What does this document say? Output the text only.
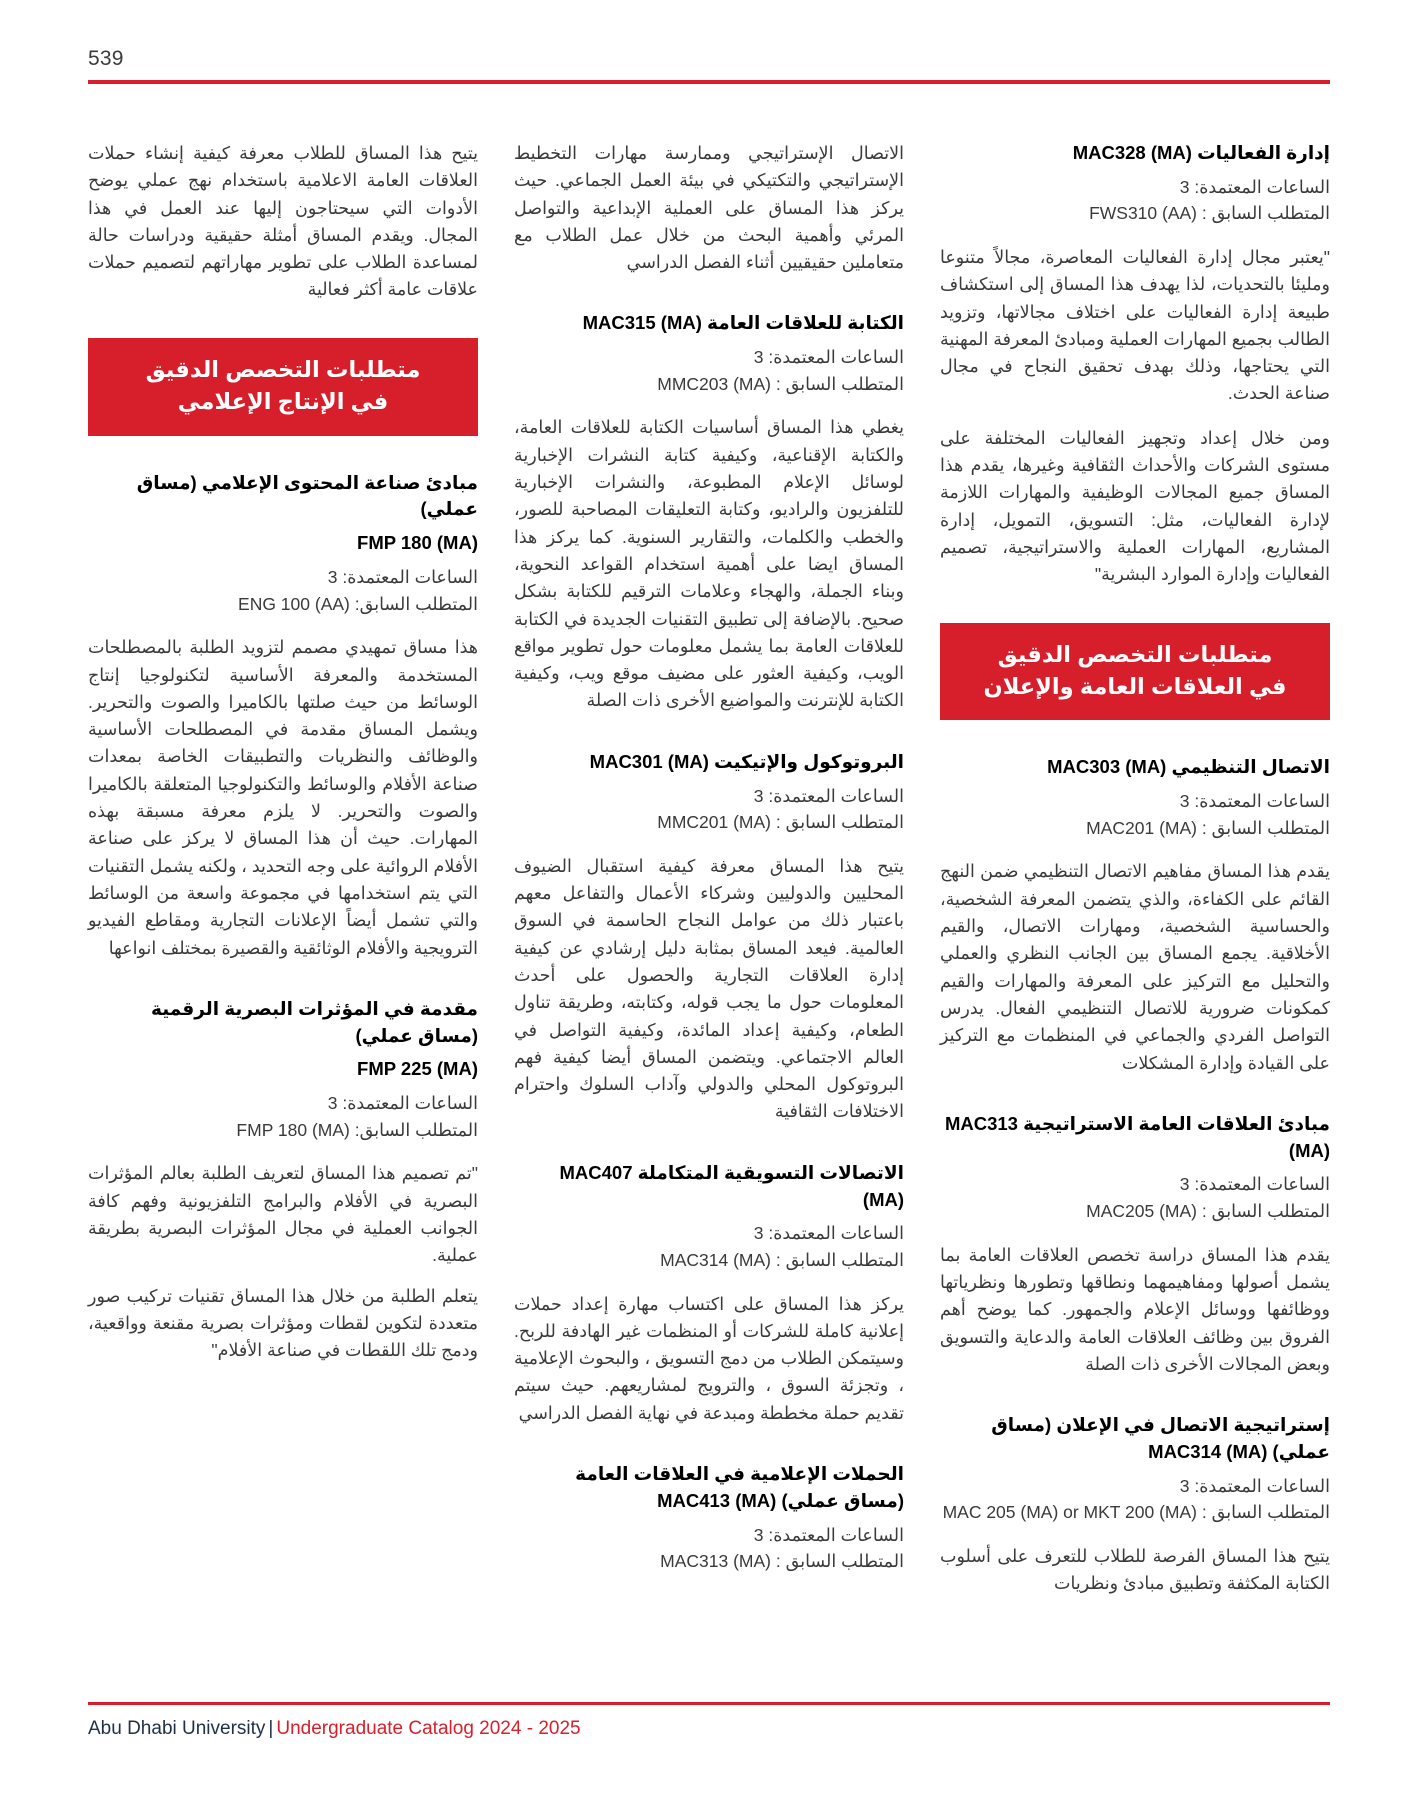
539
إدارة الفعاليات MAC328 (MA)
الساعات المعتمدة: 3
المتطلب السابق : FWS310 (AA)
"يعتبر مجال إدارة الفعاليات المعاصرة، مجالاً متنوعا ومليئا بالتحديات، لذا يهدف هذا المساق إلى استكشاف طبيعة إدارة الفعاليات على اختلاف مجالاتها، وتزويد الطالب بجميع المهارات العملية ومبادئ المعرفة المهنية التي يحتاجها، وذلك بهدف تحقيق النجاح في مجال صناعة الحدث.
ومن خلال إعداد وتجهيز الفعاليات المختلفة على مستوى الشركات والأحداث الثقافية وغيرها، يقدم هذا المساق جميع المجالات الوظيفية والمهارات اللازمة لإدارة الفعاليات، مثل: التسويق، التمويل، إدارة المشاريع، المهارات العملية والاستراتيجية، تصميم الفعاليات وإدارة الموارد البشرية"
متطلبات التخصص الدقيق
في العلاقات العامة والإعلان
الاتصال التنظيمي MAC303 (MA)
الساعات المعتمدة: 3
المتطلب السابق : MAC201 (MA)
يقدم هذا المساق مفاهيم الاتصال التنظيمي ضمن النهج القائم على الكفاءة، والذي يتضمن المعرفة الشخصية، والحساسية الشخصية، ومهارات الاتصال، والقيم الأخلاقية. يجمع المساق بين الجانب النظري والعملي والتحليل مع التركيز على المعرفة والمهارات والقيم كمكونات ضرورية للاتصال التنظيمي الفعال. يدرس التواصل الفردي والجماعي في المنظمات مع التركيز على القيادة وإدارة المشكلات
مبادئ العلاقات العامة الاستراتيجية MAC313 (MA)
الساعات المعتمدة: 3
المتطلب السابق : MAC205 (MA)
يقدم هذا المساق دراسة تخصص العلاقات العامة بما يشمل أصولها ومفاهيمهما ونطاقها وتطورها ونظرياتها ووظائفها ووسائل الإعلام والجمهور. كما يوضح أهم الفروق بين وظائف العلاقات العامة والدعاية والتسويق وبعض المجالات الأخرى ذات الصلة
إستراتيجية الاتصال في الإعلان (مساق عملي) MAC314 (MA)
الساعات المعتمدة: 3
المتطلب السابق : MAC 205 (MA) or MKT 200 (MA)
يتيح هذا المساق الفرصة للطلاب للتعرف على أسلوب الكتابة المكثفة وتطبيق مبادئ ونظريات
الاتصال الإستراتيجي وممارسة مهارات التخطيط الإستراتيجي والتكتيكي في بيئة العمل الجماعي. حيث يركز هذا المساق على العملية الإبداعية والتواصل المرئي وأهمية البحث من خلال عمل الطلاب مع متعاملين حقيقيين أثناء الفصل الدراسي
الكتابة للعلاقات العامة MAC315 (MA)
الساعات المعتمدة: 3
المتطلب السابق : MMC203 (MA)
يغطي هذا المساق أساسيات الكتابة للعلاقات العامة، والكتابة الإقناعية، وكيفية كتابة النشرات الإخبارية لوسائل الإعلام المطبوعة، والنشرات الإخبارية للتلفزيون والراديو، وكتابة التعليقات المصاحبة للصور، والخطب والكلمات، والتقارير السنوية. كما يركز هذا المساق ايضا على أهمية استخدام القواعد النحوية، وبناء الجملة، والهجاء وعلامات الترقيم للكتابة بشكل صحيح. بالإضافة إلى تطبيق التقنيات الجديدة في الكتابة للعلاقات العامة بما يشمل معلومات حول تطوير مواقع الويب، وكيفية العثور على مضيف موقع ويب، وكيفية الكتابة للإنترنت والمواضيع الأخرى ذات الصلة
البروتوكول والإتيكيت MAC301 (MA)
الساعات المعتمدة: 3
المتطلب السابق : MMC201 (MA)
يتيح هذا المساق معرفة كيفية استقبال الضيوف المحليين والدوليين وشركاء الأعمال والتفاعل معهم باعتبار ذلك من عوامل النجاح الحاسمة في السوق العالمية. فيعد المساق بمثابة دليل إرشادي عن كيفية إدارة العلاقات التجارية والحصول على أحدث المعلومات حول ما يجب قوله، وكتابته، وطريقة تناول الطعام، وكيفية إعداد المائدة، وكيفية التواصل في العالم الاجتماعي. ويتضمن المساق أيضا كيفية فهم البروتوكول المحلي والدولي وآداب السلوك واحترام الاختلافات الثقافية
الاتصالات التسويقية المتكاملة MAC407 (MA)
الساعات المعتمدة: 3
المتطلب السابق : MAC314 (MA)
يركز هذا المساق على اكتساب مهارة إعداد حملات إعلانية كاملة للشركات أو المنظمات غير الهادفة للربح. وسيتمكن الطلاب من دمج التسويق ، والبحوث الإعلامية ، وتجزئة السوق ، والترويج لمشاريعهم. حيث سيتم تقديم حملة مخططة ومبدعة في نهاية الفصل الدراسي
الحملات الإعلامية في العلاقات العامة (مساق عملي) MAC413 (MA)
الساعات المعتمدة: 3
المتطلب السابق : MAC313 (MA)
يتيح هذا المساق للطلاب معرفة كيفية إنشاء حملات العلاقات العامة الاعلامية باستخدام نهج عملي يوضح الأدوات التي سيحتاجون إليها عند العمل في هذا المجال. ويقدم المساق أمثلة حقيقية ودراسات حالة لمساعدة الطلاب على تطوير مهاراتهم لتصميم حملات علاقات عامة أكثر فعالية
متطلبات التخصص الدقيق
في الإنتاج الإعلامي
مبادئ صناعة المحتوى الإعلامي (مساق عملي)
FMP 180 (MA)
الساعات المعتمدة: 3
المتطلب السابق: ENG 100 (AA)
هذا مساق تمهيدي مصمم لتزويد الطلبة بالمصطلحات المستخدمة والمعرفة الأساسية لتكنولوجيا إنتاج الوسائط من حيث صلتها بالكاميرا والصوت والتحرير. ويشمل المساق مقدمة في المصطلحات الأساسية والوظائف والنظريات والتطبيقات الخاصة بمعدات صناعة الأفلام والوسائط والتكنولوجيا المتعلقة بالكاميرا والصوت والتحرير. لا يلزم معرفة مسبقة بهذه المهارات. حيث أن هذا المساق لا يركز على صناعة الأفلام الروائية على وجه التحديد ، ولكنه يشمل التقنيات التي يتم استخدامها في مجموعة واسعة من الوسائط والتي تشمل أيضاً الإعلانات التجارية ومقاطع الفيديو الترويجية والأفلام الوثائقية والقصيرة بمختلف انواعها
مقدمة في المؤثرات البصرية الرقمية (مساق عملي)
FMP 225 (MA)
الساعات المعتمدة: 3
المتطلب السابق: FMP 180 (MA)
"تم تصميم هذا المساق لتعريف الطلبة بعالم المؤثرات البصرية في الأفلام والبرامج التلفزيونية وفهم كافة الجوانب العملية في مجال المؤثرات البصرية بطريقة عملية.
يتعلم الطلبة من خلال هذا المساق تقنيات تركيب صور متعددة لتكوين لقطات ومؤثرات بصرية مقنعة وواقعية، ودمج تلك اللقطات في صناعة الأفلام"
Abu Dhabi University | Undergraduate Catalog 2024 - 2025
